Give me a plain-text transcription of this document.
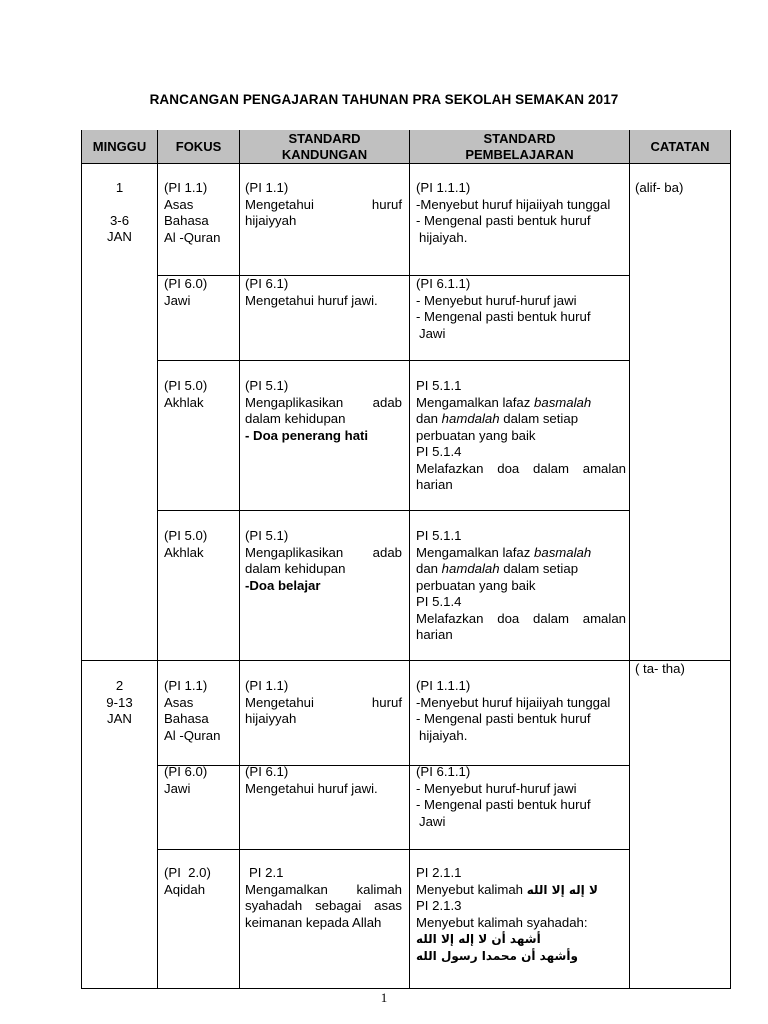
RANCANGAN PENGAJARAN TAHUNAN PRA SEKOLAH SEMAKAN 2017
MINGGU	FOKUS
STANDARD
KANDUNGAN
STANDARD
PEMBELAJARAN
CATATAN
1
3-6
JAN
(alif- ba)
(PI 1.1)
Asas
Bahasa
Al -Quran
(PI 1.1)
Mengetahui huruf
hijaiyyah
(PI 1.1.1)
-Menyebut huruf hijaiiyah tunggal
- Mengenal pasti bentuk huruf
hijaiyah.
(PI 6.0)
Jawi
(PI 6.1)
Mengetahui huruf jawi.
(PI 6.1.1)
- Menyebut huruf-huruf jawi
- Mengenal pasti bentuk huruf
Jawi
(PI 5.0)
Akhlak
(PI 5.1)
Mengaplikasikan adab
dalam kehidupan
- Doa penerang hati
PI 5.1.1
Mengamalkan lafaz basmalah
dan hamdalah dalam setiap
perbuatan yang baik
PI 5.1.4
Melafazkan doa dalam amalan
harian
(PI 5.0)
Akhlak
(PI 5.1)
Mengaplikasikan adab
dalam kehidupan
-Doa belajar
PI 5.1.1
Mengamalkan lafaz basmalah
dan hamdalah dalam setiap
perbuatan yang baik
PI 5.1.4
Melafazkan doa dalam amalan
harian
2
9-13
JAN
( ta- tha)
(PI 1.1)
Asas
Bahasa
Al -Quran
(PI 1.1)
Mengetahui huruf
hijaiyyah
(PI 1.1.1)
-Menyebut huruf hijaiiyah tunggal
- Mengenal pasti bentuk huruf
hijaiyah.
(PI 6.0)
Jawi
(PI 6.1)
Mengetahui huruf jawi.
(PI 6.1.1)
- Menyebut huruf-huruf jawi
- Mengenal pasti bentuk huruf
Jawi
(PI  2.0)
Aqidah
PI 2.1
Mengamalkan kalimah
syahadah sebagai asas
keimanan kepada Allah
PI 2.1.1
Menyebut kalimah لا إله إلا الله
PI 2.1.3
Menyebut kalimah syahadah:
أشهد أن لا إله إلا الله
وأشهد أن محمدا رسول الله
1
